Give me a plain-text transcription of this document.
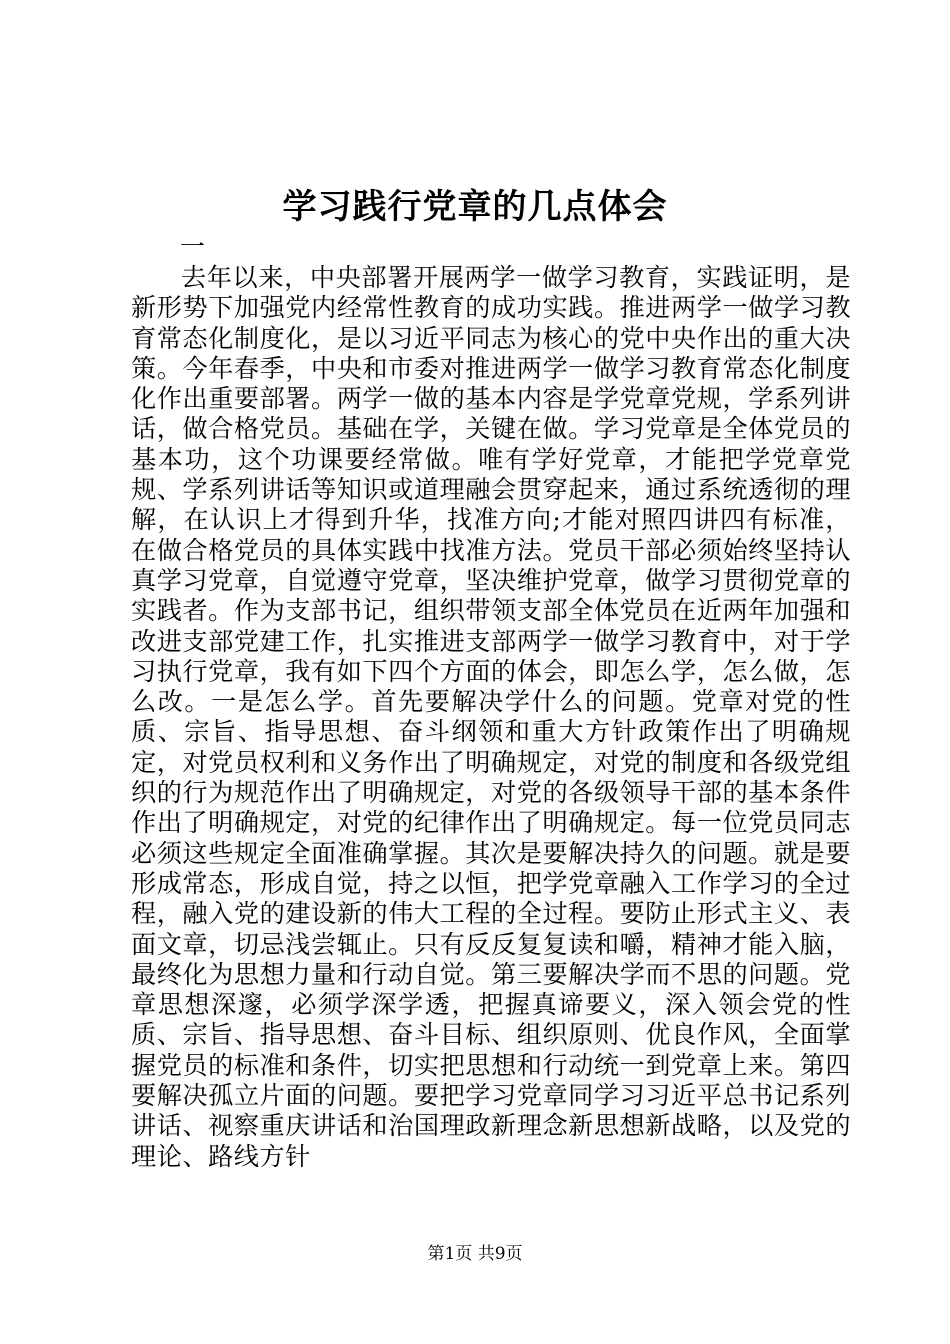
学习践行党章的几点体会
一

去年以来，中央部署开展两学一做学习教育，实践证明，是新形势下加强党内经常性教育的成功实践。推进两学一做学习教育常态化制度化，是以习近平同志为核心的党中央作出的重大决策。今年春季，中央和市委对推进两学一做学习教育常态化制度化作出重要部署。两学一做的基本内容是学党章党规，学系列讲话，做合格党员。基础在学，关键在做。学习党章是全体党员的基本功，这个功课要经常做。唯有学好党章，才能把学党章党规、学系列讲话等知识或道理融会贯穿起来，通过系统透彻的理解，在认识上才得到升华，找准方向;才能对照四讲四有标准，在做合格党员的具体实践中找准方法。党员干部必须始终坚持认真学习党章，自觉遵守党章，坚决维护党章，做学习贯彻党章的实践者。作为支部书记，组织带领支部全体党员在近两年加强和改进支部党建工作，扎实推进支部两学一做学习教育中，对于学习执行党章，我有如下四个方面的体会，即怎么学，怎么做，怎么改。一是怎么学。首先要解决学什么的问题。党章对党的性质、宗旨、指导思想、奋斗纲领和重大方针政策作出了明确规定，对党员权利和义务作出了明确规定，对党的制度和各级党组织的行为规范作出了明确规定，对党的各级领导干部的基本条件作出了明确规定，对党的纪律作出了明确规定。每一位党员同志必须这些规定全面准确掌握。其次是要解决持久的问题。就是要形成常态，形成自觉，持之以恒，把学党章融入工作学习的全过程，融入党的建设新的伟大工程的全过程。要防止形式主义、表面文章，切忌浅尝辄止。只有反反复复读和嚼，精神才能入脑，最终化为思想力量和行动自觉。第三要解决学而不思的问题。党章思想深邃，必须学深学透，把握真谛要义，深入领会党的性质、宗旨、指导思想、奋斗目标、组织原则、优良作风，全面掌握党员的标准和条件，切实把思想和行动统一到党章上来。第四要解决孤立片面的问题。要把学习党章同学习习近平总书记系列讲话、视察重庆讲话和治国理政新理念新思想新战略，以及党的理论、路线方针

第1页 共9页
